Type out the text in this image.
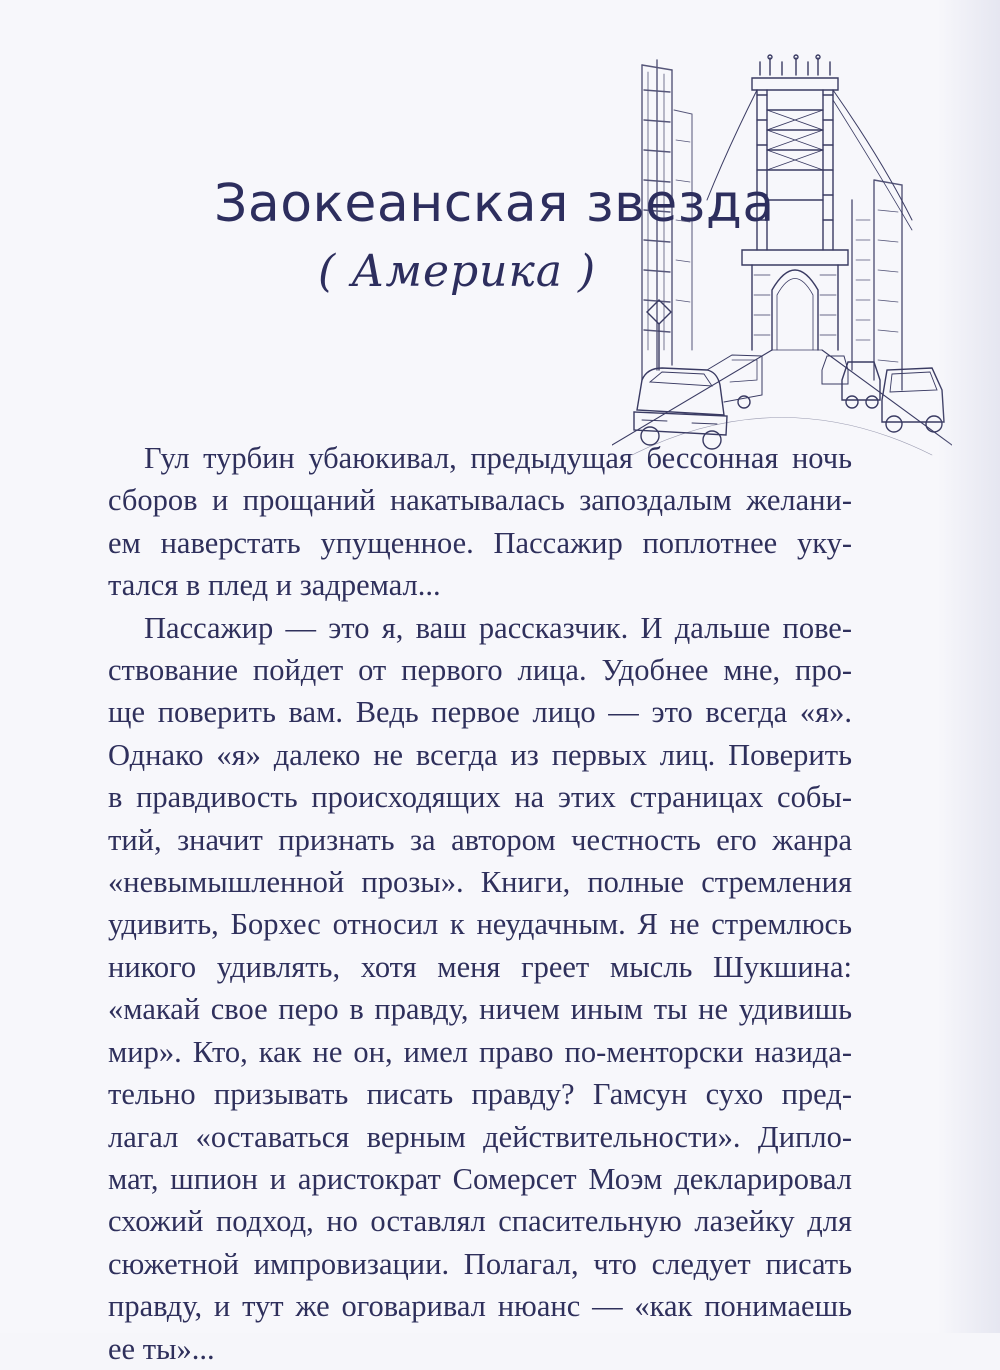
Заокеанская звезда
( Америка )

Гул турбин убаюкивал, предыдущая бессонная ночь
сборов и прощаний накатывалась запоздалым желани-
ем наверстать упущенное. Пассажир поплотнее уку-
тался в плед и задремал...

Пассажир — это я, ваш рассказчик. И дальше пове-
ствование пойдет от первого лица. Удобнее мне, про-
ще поверить вам. Ведь первое лицо — это всегда «я».
Однако «я» далеко не всегда из первых лиц. Поверить
в правдивость происходящих на этих страницах собы-
тий, значит признать за автором честность его жанра
«невымышленной прозы». Книги, полные стремления
удивить, Борхес относил к неудачным. Я не стремлюсь
никого удивлять, хотя меня греет мысль Шукшина:
«макай свое перо в правду, ничем иным ты не удивишь
мир». Кто, как не он, имел право по-менторски назида-
тельно призывать писать правду? Гамсун сухо пред-
лагал «оставаться верным действительности». Дипло-
мат, шпион и аристократ Сомерсет Моэм декларировал
схожий подход, но оставлял спасительную лазейку для
сюжетной импровизации. Полагал, что следует писать
правду, и тут же оговаривал нюанс — «как понимаешь
ее ты»...
